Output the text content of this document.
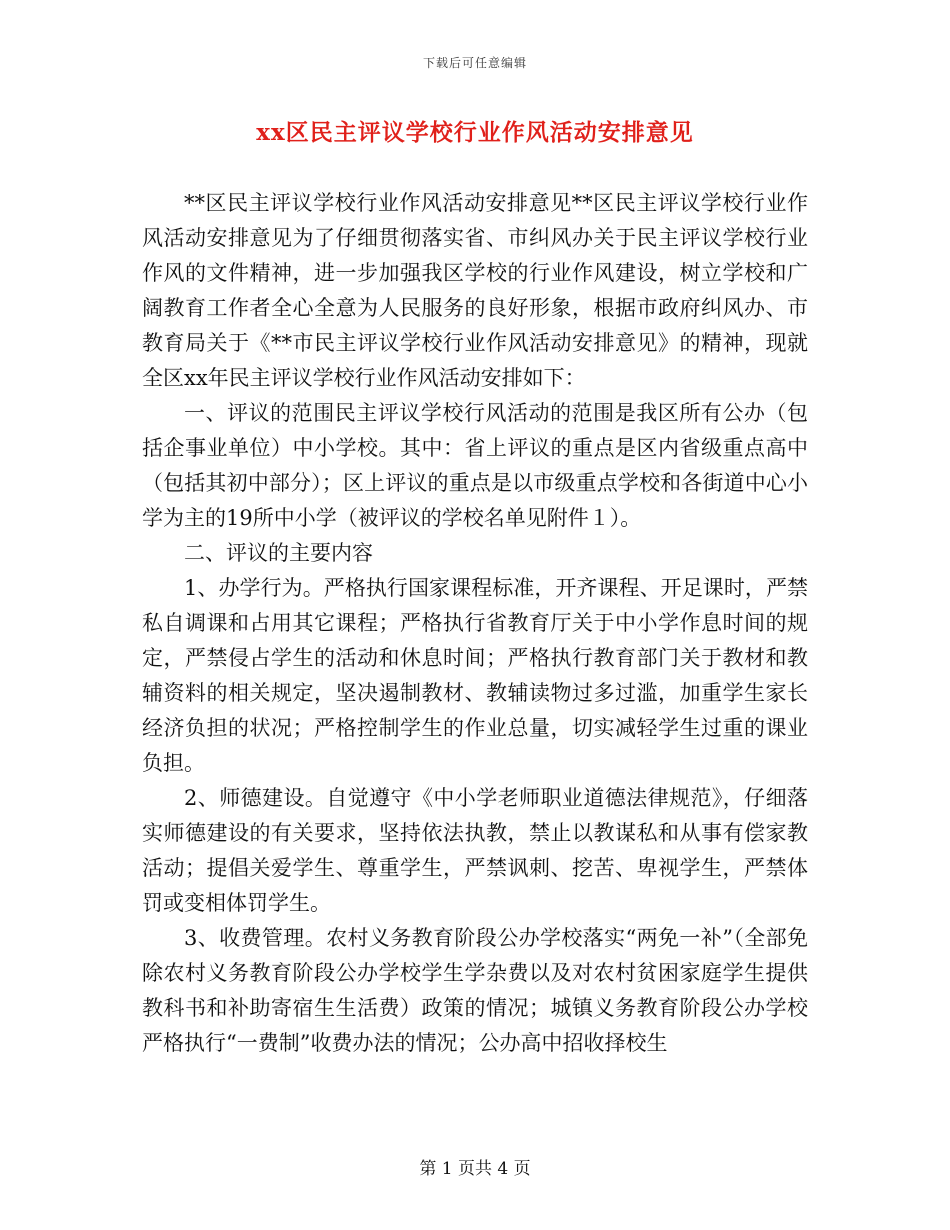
下载后可任意编辑
xx区民主评议学校行业作风活动安排意见

**区民主评议学校行业作风活动安排意见**区民主评议学校行业作风活动安排意见为了仔细贯彻落实省、市纠风办关于民主评议学校行业作风的文件精神，进一步加强我区学校的行业作风建设，树立学校和广阔教育工作者全心全意为人民服务的良好形象，根据市政府纠风办、市教育局关于《**市民主评议学校行业作风活动安排意见》的精神，现就全区xx年民主评议学校行业作风活动安排如下：

一、评议的范围民主评议学校行风活动的范围是我区所有公办（包括企事业单位）中小学校。其中：省上评议的重点是区内省级重点高中（包括其初中部分）；区上评议的重点是以市级重点学校和各街道中心小学为主的19所中小学（被评议的学校名单见附件１）。

二、评议的主要内容

1、办学行为。严格执行国家课程标准，开齐课程、开足课时，严禁私自调课和占用其它课程；严格执行省教育厅关于中小学作息时间的规定，严禁侵占学生的活动和休息时间；严格执行教育部门关于教材和教辅资料的相关规定，坚决遏制教材、教辅读物过多过滥，加重学生家长经济负担的状况；严格控制学生的作业总量，切实减轻学生过重的课业负担。

2、师德建设。自觉遵守《中小学老师职业道德法律规范》，仔细落实师德建设的有关要求，坚持依法执教，禁止以教谋私和从事有偿家教活动；提倡关爱学生、尊重学生，严禁讽刺、挖苦、卑视学生，严禁体罚或变相体罚学生。

3、收费管理。农村义务教育阶段公办学校落实“两免一补”（全部免除农村义务教育阶段公办学校学生学杂费以及对农村贫困家庭学生提供教科书和补助寄宿生生活费）政策的情况；城镇义务教育阶段公办学校严格执行“一费制”收费办法的情况；公办高中招收择校生

第 1 页共 4 页
